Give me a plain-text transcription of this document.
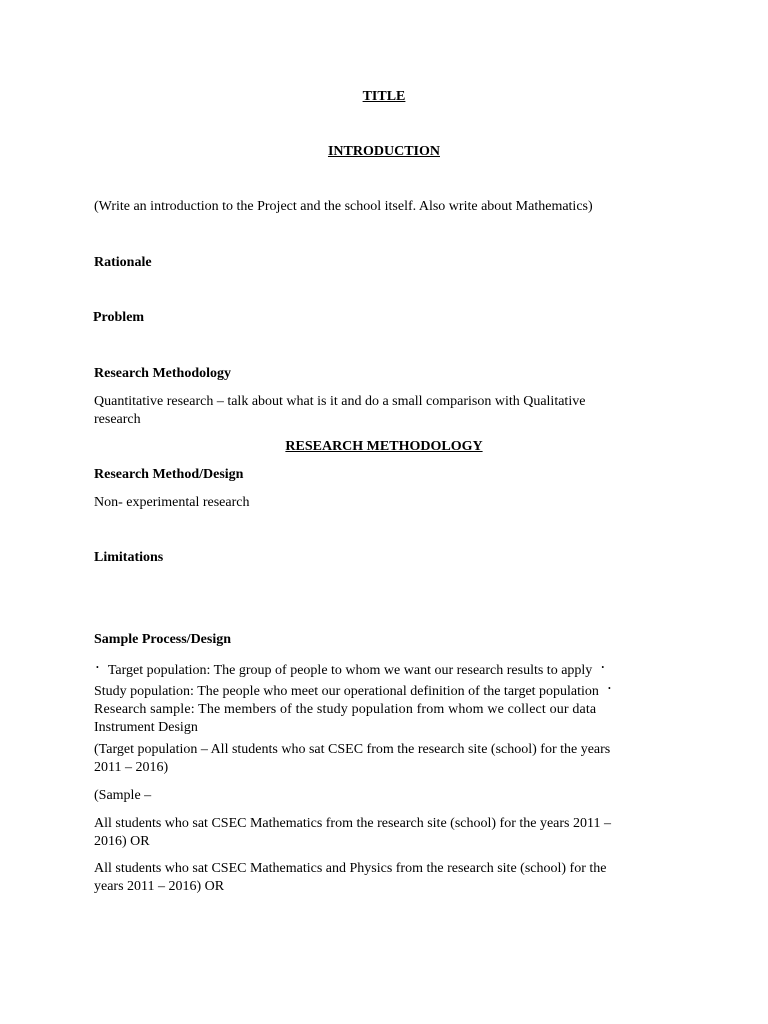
TITLE
INTRODUCTION
(Write an introduction to the Project and the school itself. Also write about Mathematics)
Rationale
Problem
Research Methodology
Quantitative research – talk about what is it and do a small comparison with Qualitative
research
RESEARCH METHODOLOGY
Research Method/Design
Non- experimental research
Limitations
Sample Process/Design
• Target population: The group of people to whom we want our research results to apply •
Study population: The people who meet our operational definition of the target population •
Research sample: The members of the study population from whom we collect our data
Instrument Design
(Target population – All students who sat CSEC from the research site (school) for the years
2011 – 2016)
(Sample –
All students who sat CSEC Mathematics from the research site (school) for the years 2011 –
2016) OR
All students who sat CSEC Mathematics and Physics from the research site (school) for the
years 2011 – 2016) OR
